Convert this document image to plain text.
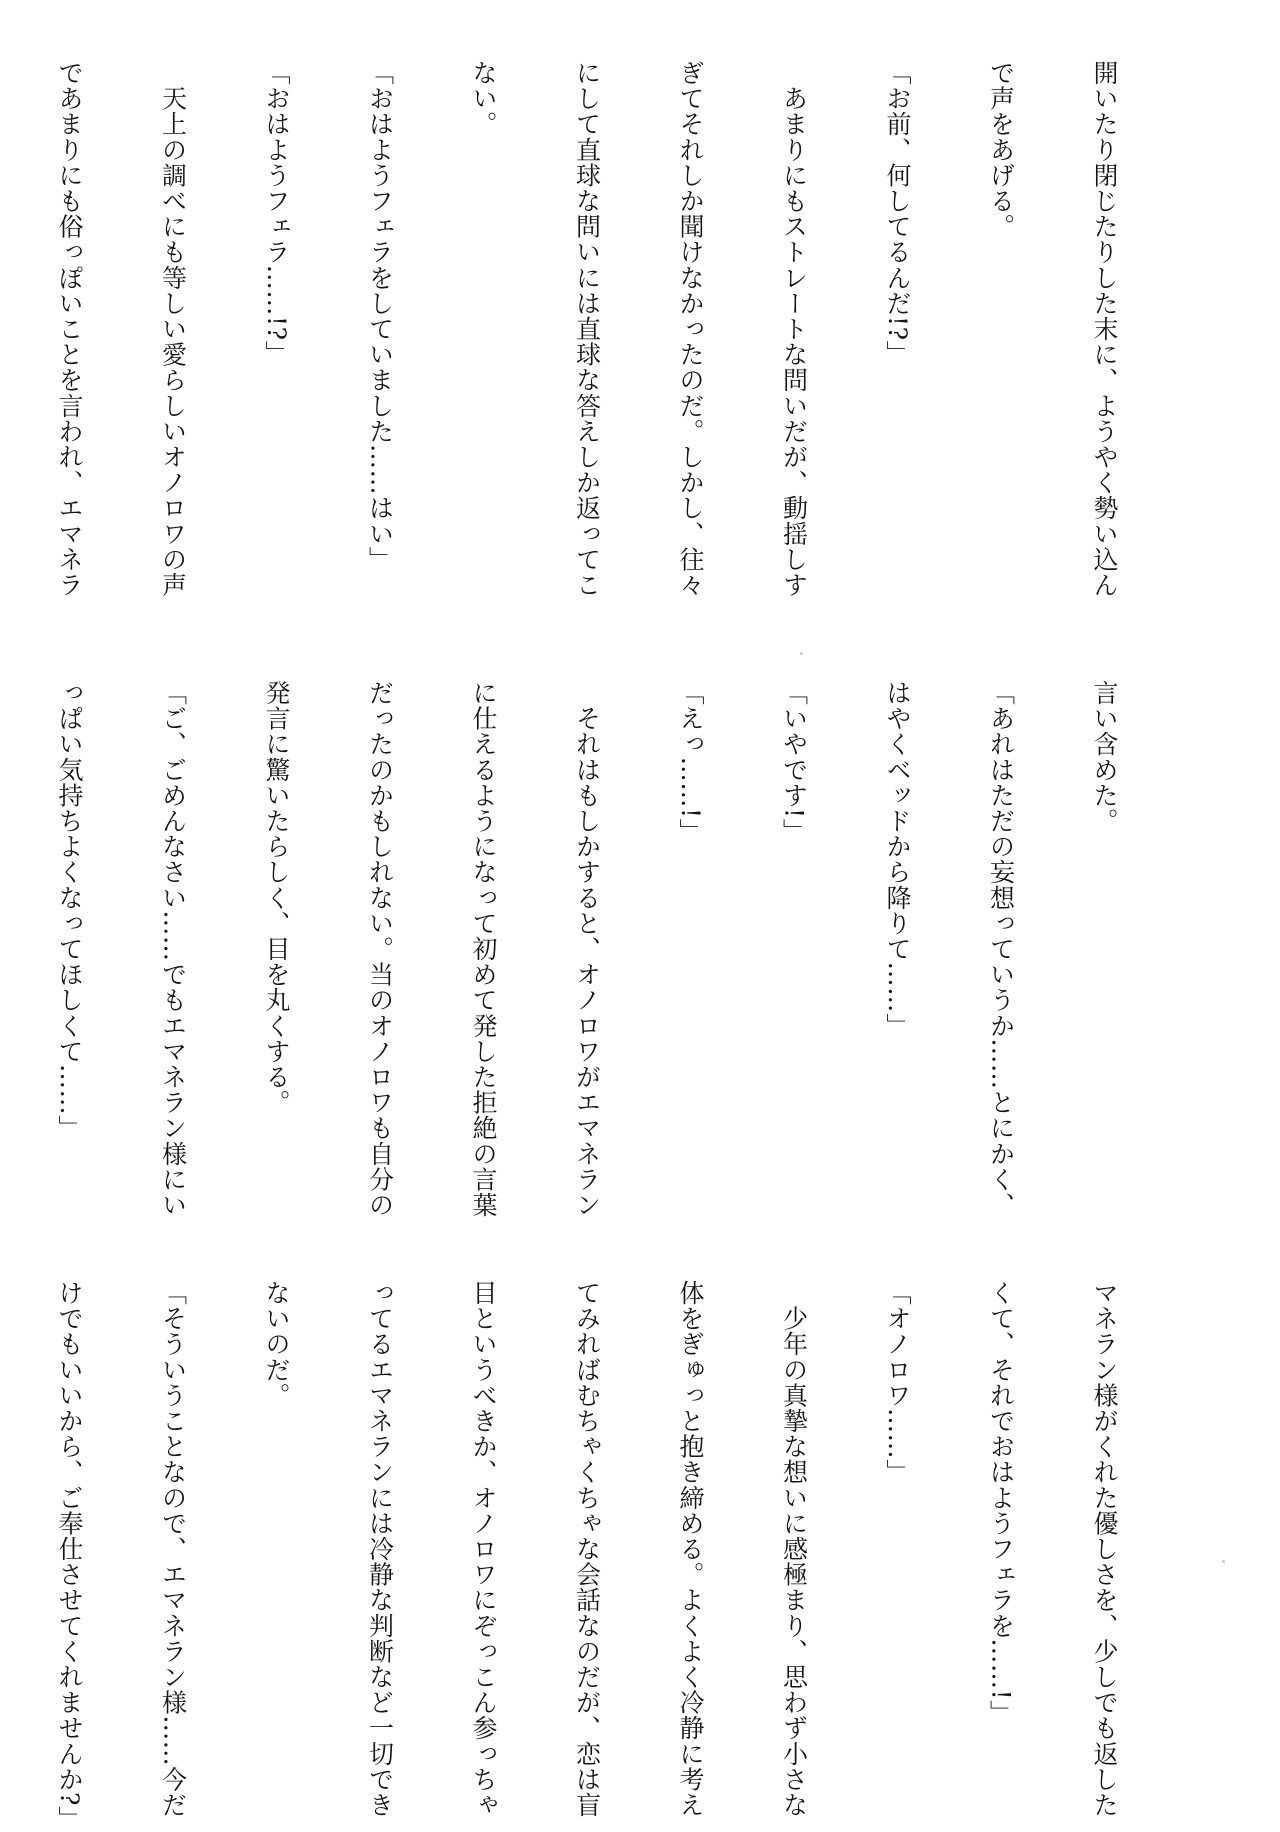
開いたり閉じたりした末に、ようやく勢い込ん

で声をあげる。

「お前、何してるんだ!?」

　あまりにもストレートな問いだが、動揺しす

ぎてそれしか聞けなかったのだ。しかし、往々

にして直球な問いには直球な答えしか返ってこ

ない。

「おはようフェラをしていました……はい」

「おはようフェラ……!?」

　天上の調べにも等しい愛らしいオノロワの声

であまりにも俗っぽいことを言われ、エマネラ

言い含めた。

「あれはただの妄想っていうか……とにかく、

はやくベッドから降りて……」

「いやです!」

「えっ……!」

　それはもしかすると、オノロワがエマネラン

に仕えるようになって初めて発した拒絶の言葉

だったのかもしれない。当のオノロワも自分の

発言に驚いたらしく、目を丸くする。

「ご、ごめんなさい……でもエマネラン様にい

っぱい気持ちよくなってほしくて……」

マネラン様がくれた優しさを、少しでも返した

くて、それでおはようフェラを……!」

「オノロワ……」

　少年の真摯な想いに感極まり、思わず小さな

体をぎゅっと抱き締める。よくよく冷静に考え

てみればむちゃくちゃな会話なのだが、恋は盲

目というべきか、オノロワにぞっこん参っちゃ

ってるエマネランには冷静な判断など一切でき

ないのだ。

「そういうことなので、エマネラン様……今だ

けでもいいから、ご奉仕させてくれませんか?」
